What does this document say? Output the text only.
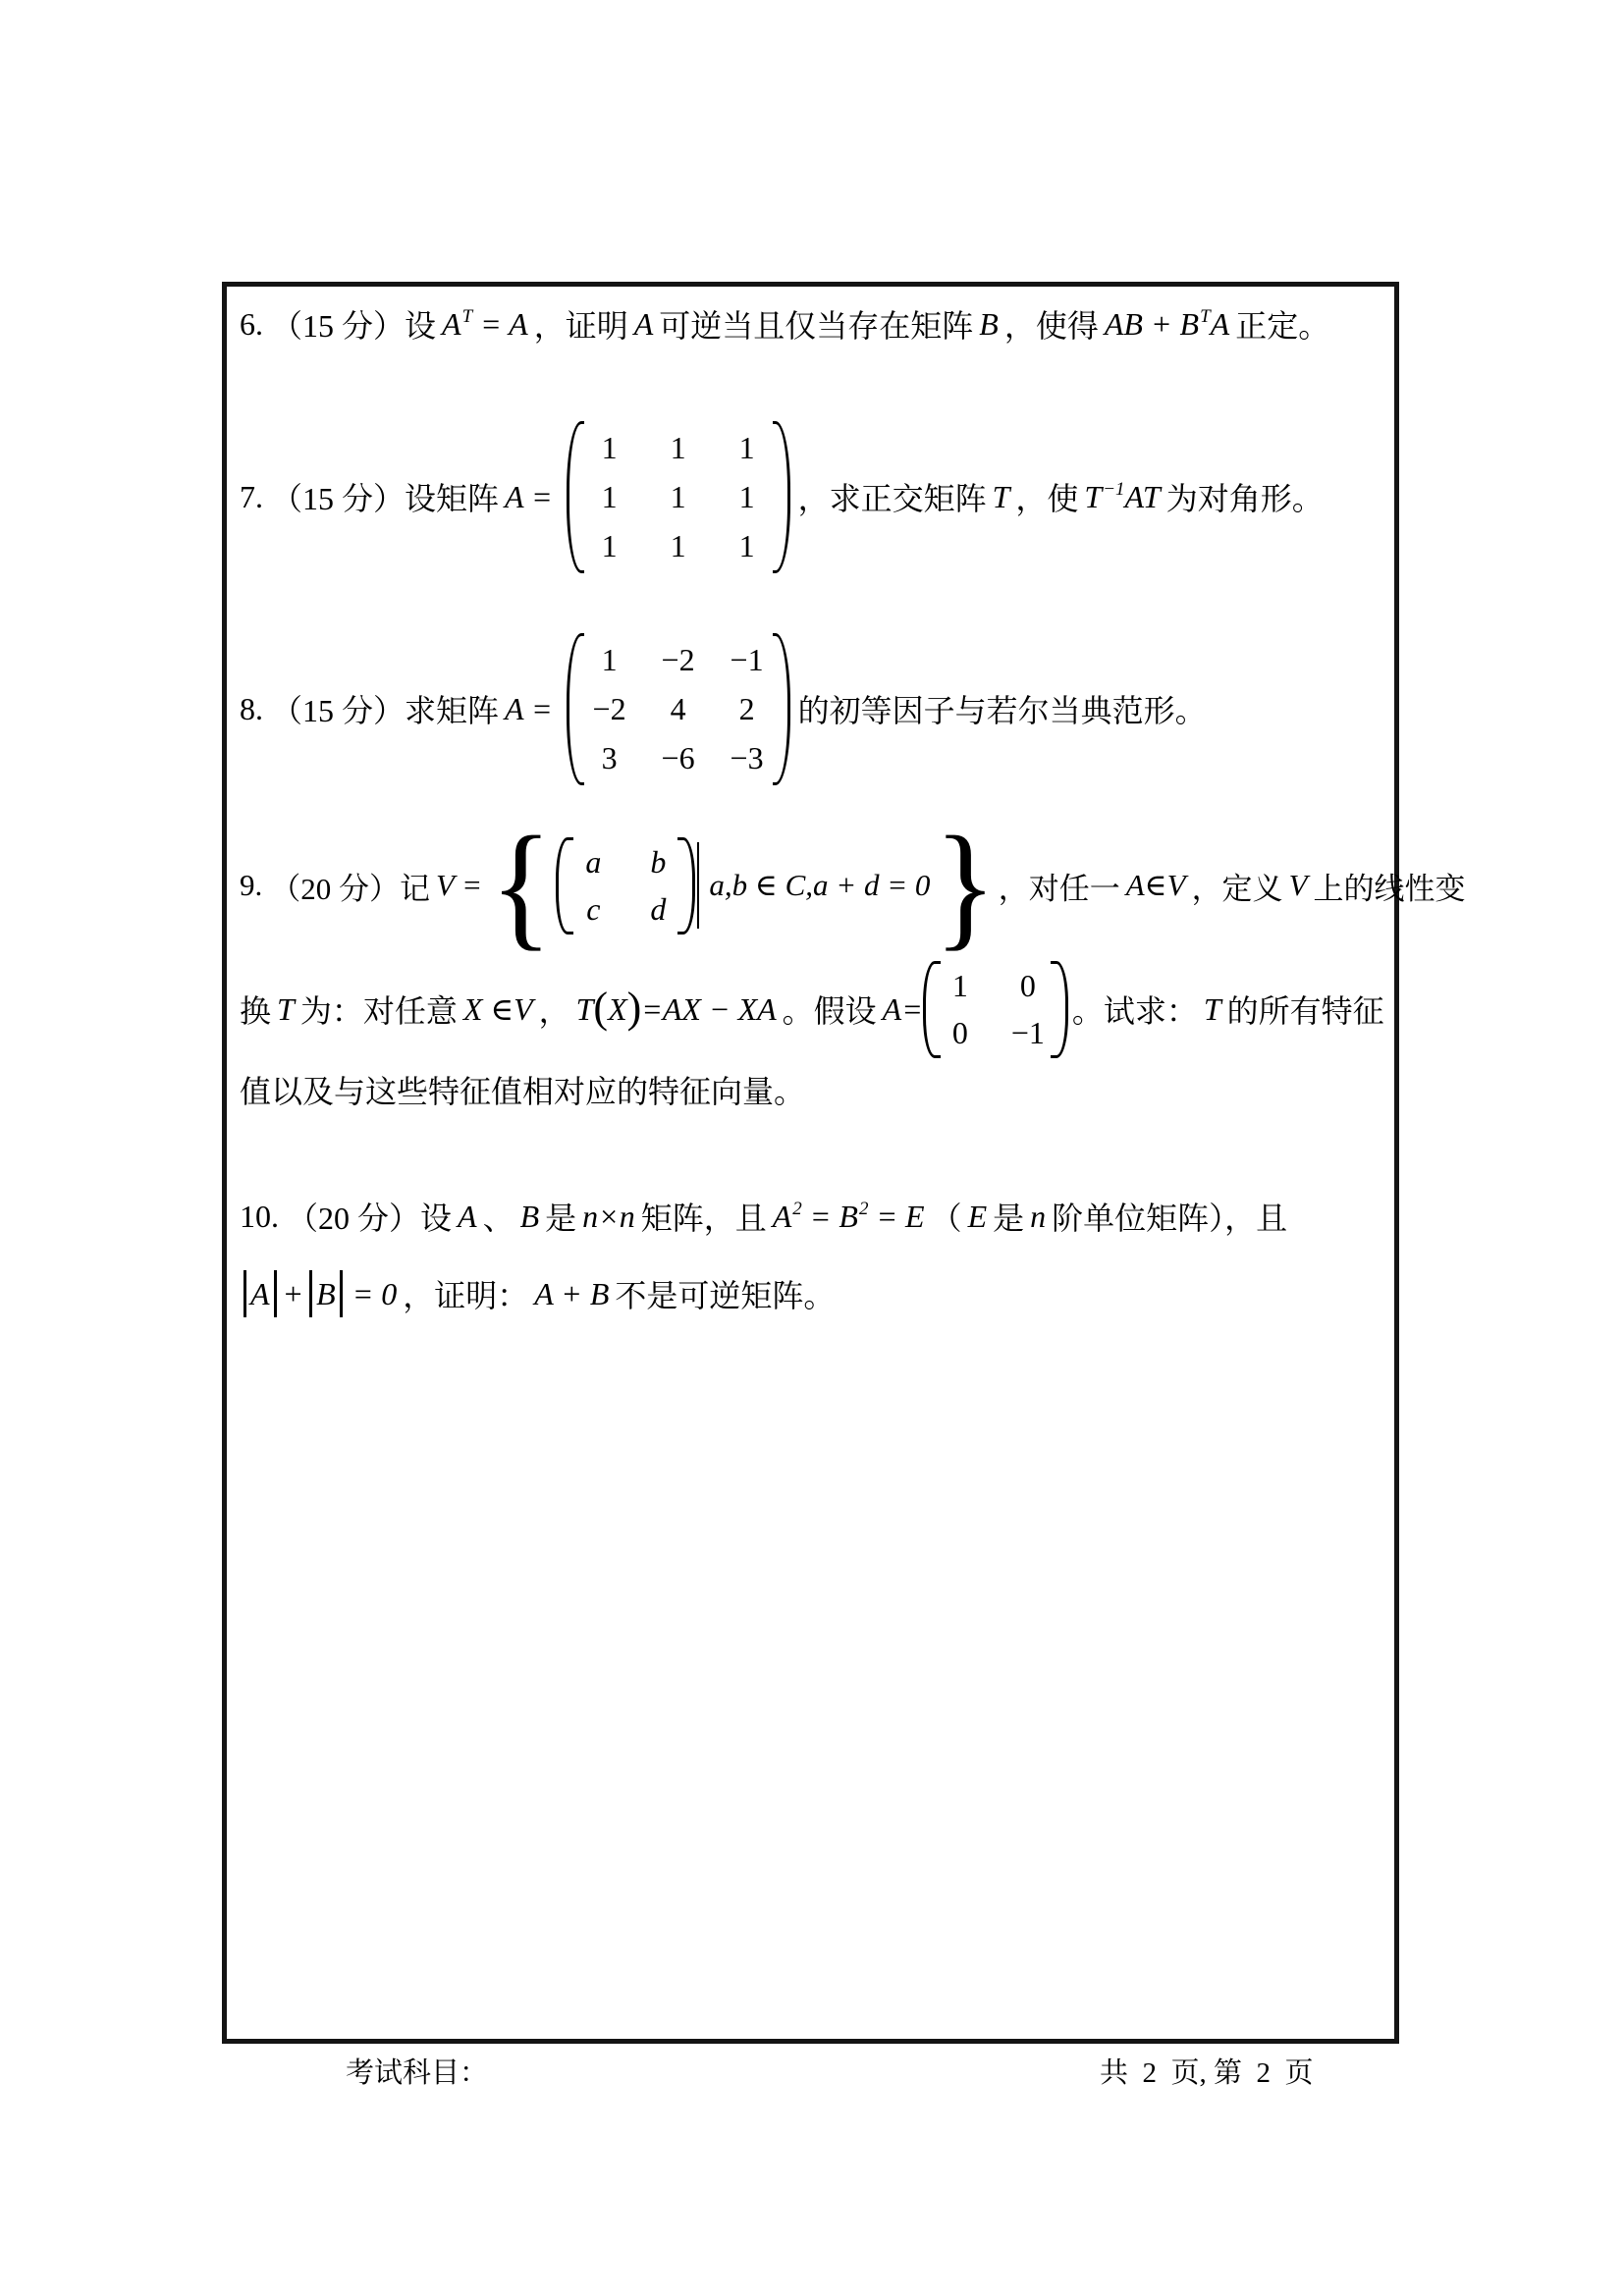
6. （15 分）设 $A^T = A$ ，证明 A 可逆当且仅当存在矩阵 B ，使得 AB + $B^TA$ 正定。
7. （15 分）设矩阵 A =
1	1	1
1	1	1
1	1	1
，求正交矩阵 T ，使 $T^{-1}AT$ 为对角形。
8. （15 分）求矩阵 A =
1	−2 −1
−2	4	2
3	−6 −3
的初等因子与若尔当典范形。
9. （20 分）记 V = { a b
c d
a,b ∈ C,a + d = 0 } ，对任一 A∈V ，定义 V 上的线性变
换 T 为：对任意 X ∈V ， T(X)=AX − XA 。假设 A=
1 0
0 −1
。试求： T 的所有特征
值以及与这些特征值相对应的特征向量。
10. （20 分）设 A 、 B 是 n×n 矩阵，且 $A^2 = B^2 = E$ （ E 是 n 阶单位矩阵），且
A + B = 0 ，证明： A + B 不是可逆矩阵。
考试科目：	共  2  页, 第  2  页
